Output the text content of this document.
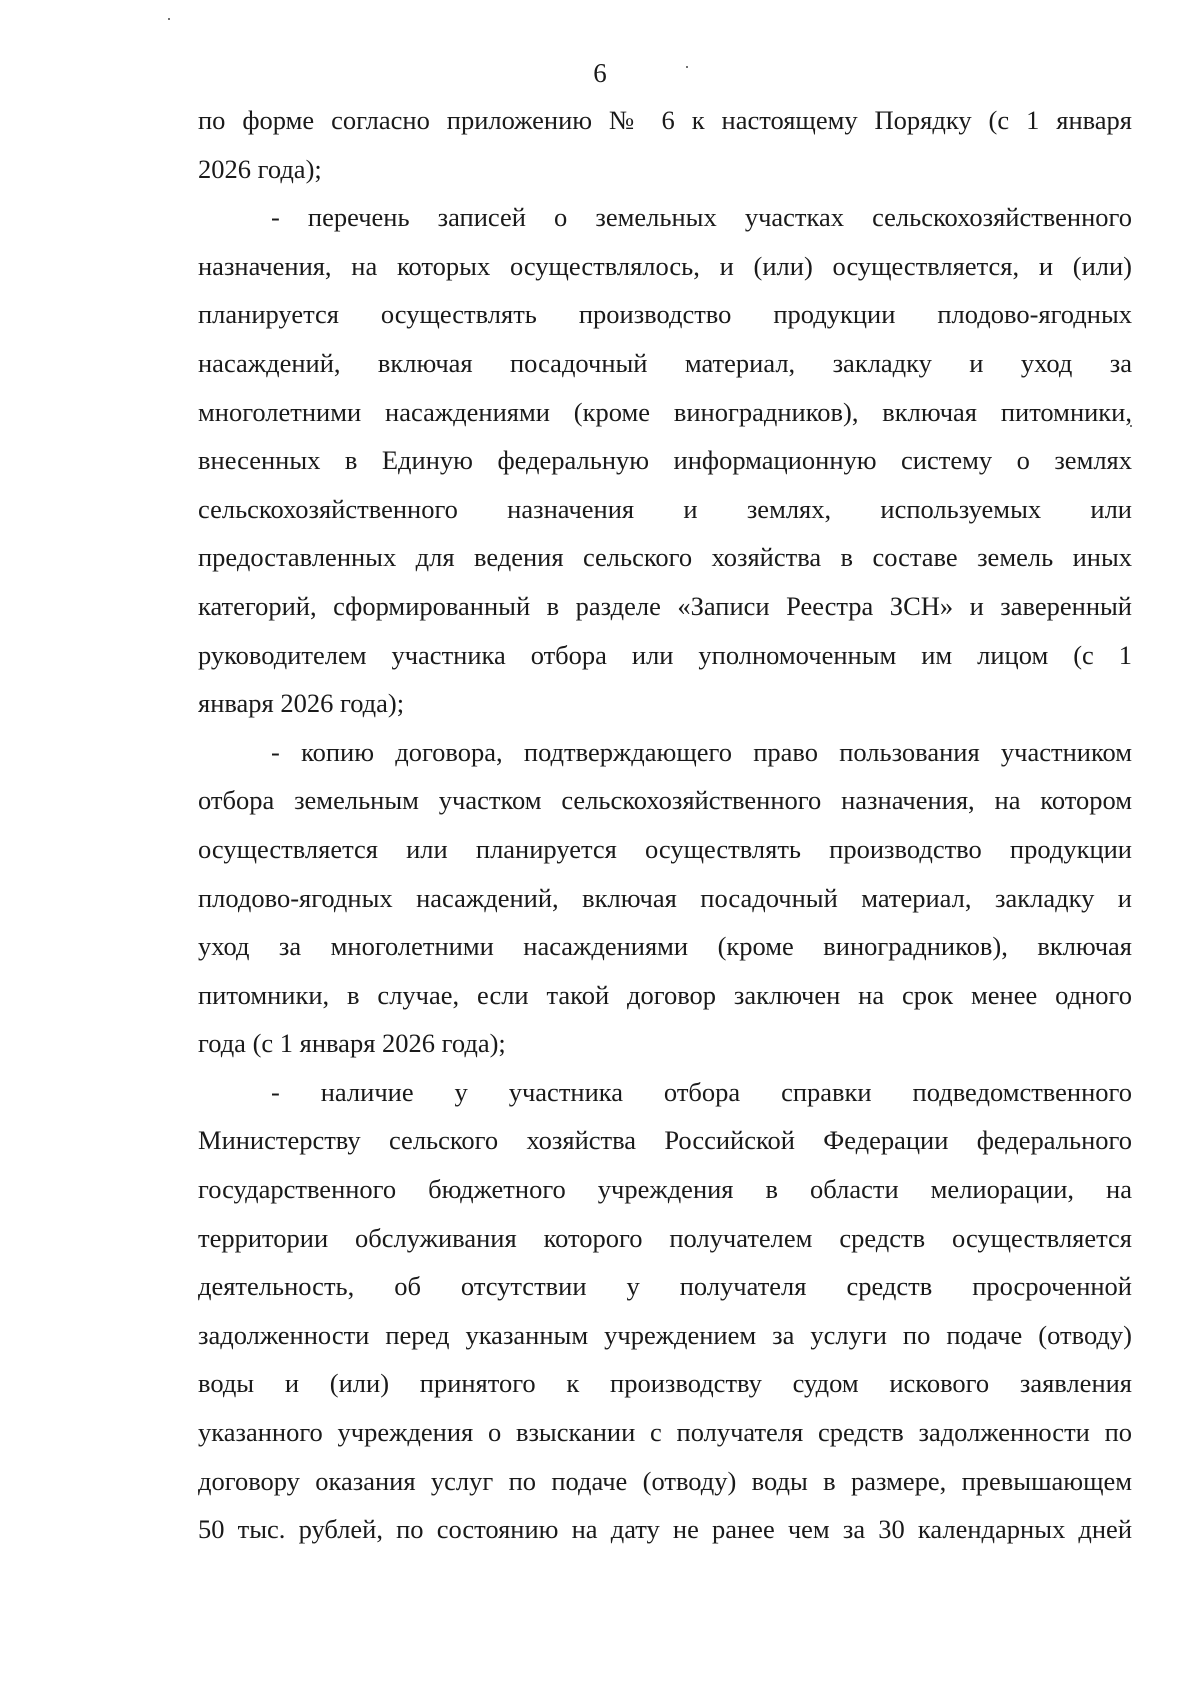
6
по форме согласно приложению № 6 к настоящему Порядку (с 1 января
2026 года);
- перечень записей о земельных участках сельскохозяйственного
назначения, на которых осуществлялось, и (или) осуществляется, и (или)
планируется осуществлять производство продукции плодово-ягодных
насаждений, включая посадочный материал, закладку и уход за
многолетними насаждениями (кроме виноградников), включая питомники,
внесенных в Единую федеральную информационную систему о землях
сельскохозяйственного назначения и землях, используемых или
предоставленных для ведения сельского хозяйства в составе земель иных
категорий, сформированный в разделе «Записи Реестра ЗСН» и заверенный
руководителем участника отбора или уполномоченным им лицом (с 1
января 2026 года);
- копию договора, подтверждающего право пользования участником
отбора земельным участком сельскохозяйственного назначения, на котором
осуществляется или планируется осуществлять производство продукции
плодово-ягодных насаждений, включая посадочный материал, закладку и
уход за многолетними насаждениями (кроме виноградников), включая
питомники, в случае, если такой договор заключен на срок менее одного
года (с 1 января 2026 года);
- наличие у участника отбора справки подведомственного
Министерству сельского хозяйства Российской Федерации федерального
государственного бюджетного учреждения в области мелиорации, на
территории обслуживания которого получателем средств осуществляется
деятельность, об отсутствии у получателя средств просроченной
задолженности перед указанным учреждением за услуги по подаче (отводу)
воды и (или) принятого к производству судом искового заявления
указанного учреждения о взыскании с получателя средств задолженности по
договору оказания услуг по подаче (отводу) воды в размере, превышающем
50 тыс. рублей, по состоянию на дату не ранее чем за 30 календарных дней
